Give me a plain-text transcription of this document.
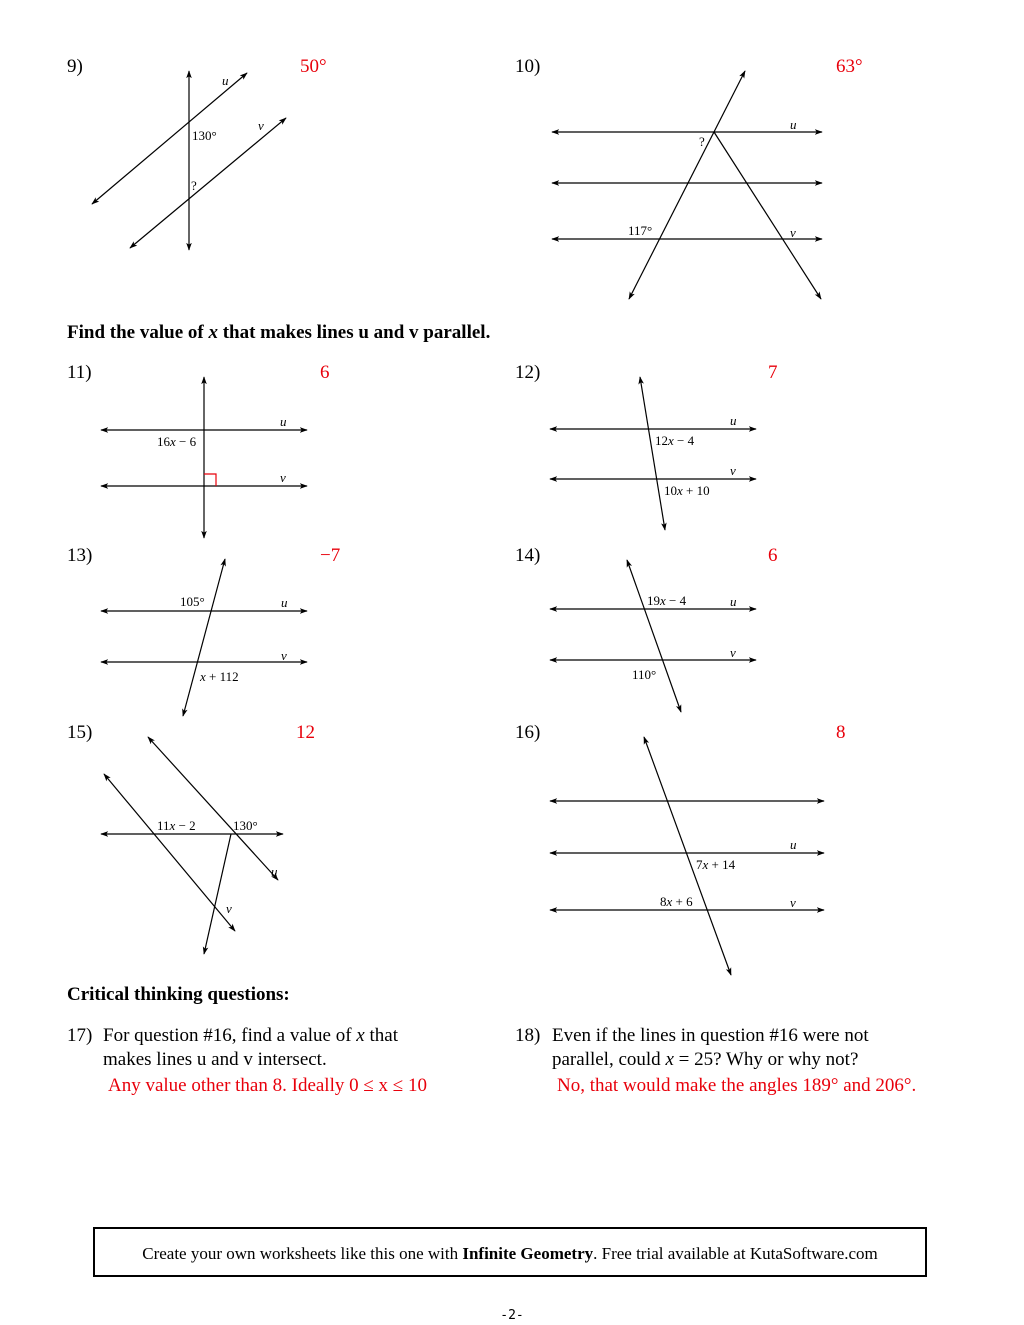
9)	50°	10)	63°
Find the value of x that makes lines u and v parallel.
11)	6	12)	7
13)	−7	14)	6
15)	12	16)	8
u
v
130°
?
u
v
?
117°
u
v
16x − 6
u
v
12x − 4
10x + 10
105°	u
v
x + 112
19x − 4	u
v
110°
11x − 2	130°
u
v
u
7x + 14
8x + 6	v
Critical thinking questions:
17) For question #16, find a value of x that
makes lines u and v intersect.
Any value other than 8. Ideally 0 ≤ x ≤ 10
18) Even if the lines in question #16 were not
parallel, could x = 25? Why or why not?
No, that would make the angles 189° and 206°.
Create your own worksheets like this one with Infinite Geometry. Free trial available at KutaSoftware.com
-2-
